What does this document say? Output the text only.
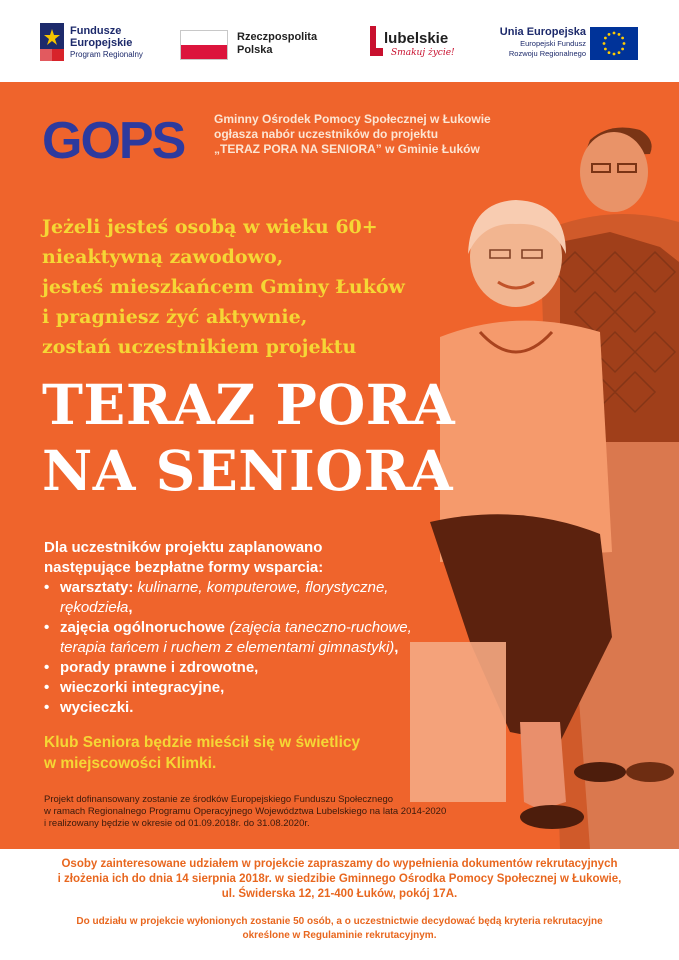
Fundusze
Europejskie
Program Regionalny
Rzeczpospolita
Polska
lubelskie
Smakuj życie!
Unia Europejska
Europejski Fundusz
Rozwoju Regionalnego
GOPS Gminny Ośrodek Pomocy Społecznej w Łukowie
ogłasza nabór uczestników do projektu
„TERAZ PORA NA SENIORA” w Gminie Łuków
Jeżeli jesteś osobą w wieku 60+
nieaktywną zawodowo,
jesteś mieszkańcem Gminy Łuków
i pragniesz żyć aktywnie,
zostań uczestnikiem projektu
TERAZ PORA
NA SENIORA
Dla uczestników projektu zaplanowano
następujące bezpłatne formy wsparcia:
• warsztaty: kulinarne, komputerowe, florystyczne,
rękodzieła,
• zajęcia ogólnoruchowe (zajęcia taneczno-ruchowe,
terapia tańcem i ruchem z elementami gimnastyki),
• porady prawne i zdrowotne,
• wieczorki integracyjne,
• wycieczki.
Klub Seniora będzie mieścił się w świetlicy
w miejscowości Klimki.
Projekt dofinansowany zostanie ze środków Europejskiego Funduszu Społecznego
w ramach Regionalnego Programu Operacyjnego Województwa Lubelskiego na lata 2014-2020
i realizowany będzie w okresie od 01.09.2018r. do 31.08.2020r.
Osoby zainteresowane udziałem w projekcie zapraszamy do wypełnienia dokumentów rekrutacyjnych
i złożenia ich do dnia 14 sierpnia 2018r. w siedzibie Gminnego Ośrodka Pomocy Społecznej w Łukowie,
ul. Świderska 12, 21-400 Łuków, pokój 17A.
Do udziału w projekcie wyłonionych zostanie 50 osób, a o uczestnictwie decydować będą kryteria rekrutacyjne
określone w Regulaminie rekrutacyjnym.
